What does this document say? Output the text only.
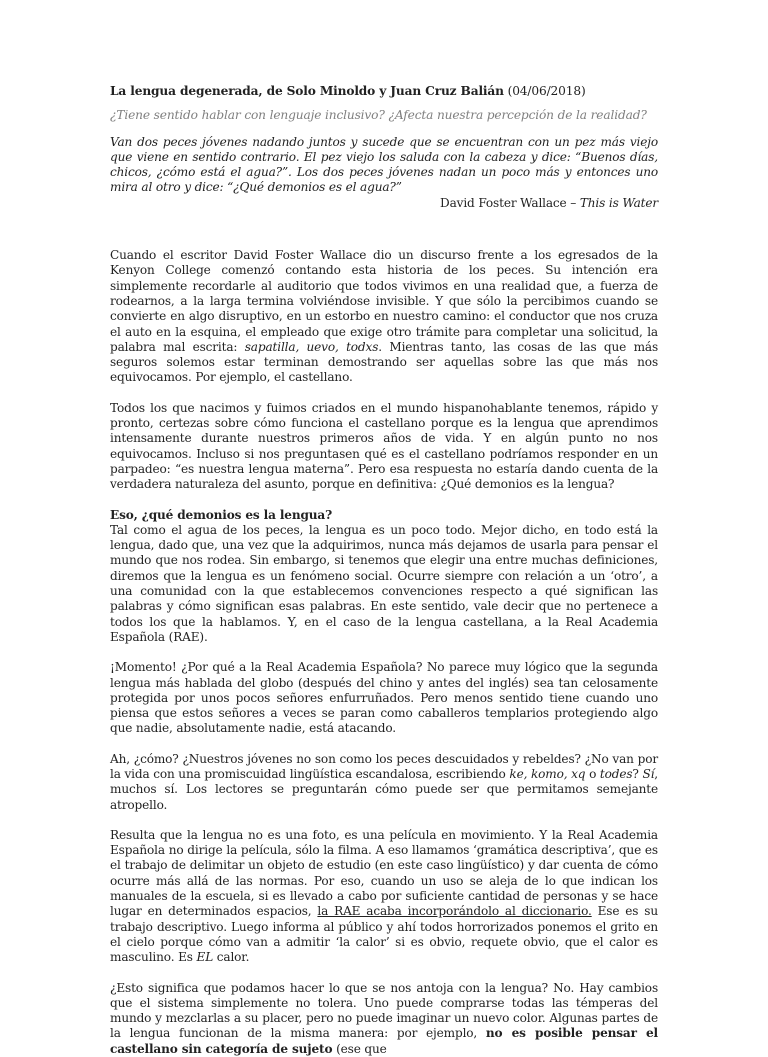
La lengua degenerada, de Solo Minoldo y Juan Cruz Balián (04/06/2018)

¿Tiene sentido hablar con lenguaje inclusivo? ¿Afecta nuestra percepción de la realidad?

Van dos peces jóvenes nadando juntos y sucede que se encuentran con un pez más viejo que viene en sentido contrario. El pez viejo los saluda con la cabeza y dice: “Buenos días, chicos, ¿cómo está el agua?”. Los dos peces jóvenes nadan un poco más y entonces uno mira al otro y dice: “¿Qué demonios es el agua?”

David Foster Wallace – This is Water

Cuando el escritor David Foster Wallace dio un discurso frente a los egresados de la Kenyon College comenzó contando esta historia de los peces. Su intención era simplemente recordarle al auditorio que todos vivimos en una realidad que, a fuerza de rodearnos, a la larga termina volviéndose invisible. Y que sólo la percibimos cuando se convierte en algo disruptivo, en un estorbo en nuestro camino: el conductor que nos cruza el auto en la esquina, el empleado que exige otro trámite para completar una solicitud, la palabra mal escrita: sapatilla, uevo, todxs. Mientras tanto, las cosas de las que más seguros solemos estar terminan demostrando ser aquellas sobre las que más nos equivocamos. Por ejemplo, el castellano.

Todos los que nacimos y fuimos criados en el mundo hispanohablante tenemos, rápido y pronto, certezas sobre cómo funciona el castellano porque es la lengua que aprendimos intensamente durante nuestros primeros años de vida. Y en algún punto no nos equivocamos. Incluso si nos preguntasen qué es el castellano podríamos responder en un parpadeo: “es nuestra lengua materna”. Pero esa respuesta no estaría dando cuenta de la verdadera naturaleza del asunto, porque en definitiva: ¿Qué demonios es la lengua?

Eso, ¿qué demonios es la lengua?

Tal como el agua de los peces, la lengua es un poco todo. Mejor dicho, en todo está la lengua, dado que, una vez que la adquirimos, nunca más dejamos de usarla para pensar el mundo que nos rodea. Sin embargo, si tenemos que elegir una entre muchas definiciones, diremos que la lengua es un fenómeno social. Ocurre siempre con relación a un ‘otro’, a una comunidad con la que establecemos convenciones respecto a qué significan las palabras y cómo significan esas palabras. En este sentido, vale decir que no pertenece a todos los que la hablamos. Y, en el caso de la lengua castellana, a la Real Academia Española (RAE).

¡Momento! ¿Por qué a la Real Academia Española? No parece muy lógico que la segunda lengua más hablada del globo (después del chino y antes del inglés) sea tan celosamente protegida por unos pocos señores enfurruñados. Pero menos sentido tiene cuando uno piensa que estos señores a veces se paran como caballeros templarios protegiendo algo que nadie, absolutamente nadie, está atacando.

Ah, ¿cómo? ¿Nuestros jóvenes no son como los peces descuidados y rebeldes? ¿No van por la vida con una promiscuidad lingüística escandalosa, escribiendo ke, komo, xq o todes? Sí, muchos sí. Los lectores se preguntarán cómo puede ser que permitamos semejante atropello.

Resulta que la lengua no es una foto, es una película en movimiento. Y la Real Academia Española no dirige la película, sólo la filma. A eso llamamos ‘gramática descriptiva’, que es el trabajo de delimitar un objeto de estudio (en este caso lingüístico) y dar cuenta de cómo ocurre más allá de las normas. Por eso, cuando un uso se aleja de lo que indican los manuales de la escuela, si es llevado a cabo por suficiente cantidad de personas y se hace lugar en determinados espacios, la RAE acaba incorporándolo al diccionario. Ese es su trabajo descriptivo. Luego informa al público y ahí todos horrorizados ponemos el grito en el cielo porque cómo van a admitir ‘la calor’ si es obvio, requete obvio, que el calor es masculino. Es EL calor.

¿Esto significa que podamos hacer lo que se nos antoja con la lengua? No. Hay cambios que el sistema simplemente no tolera. Uno puede comprarse todas las témperas del mundo y mezclarlas a su placer, pero no puede imaginar un nuevo color. Algunas partes de la lengua funcionan de la misma manera: por ejemplo, no es posible pensar el castellano sin categoría de sujeto (ese que
